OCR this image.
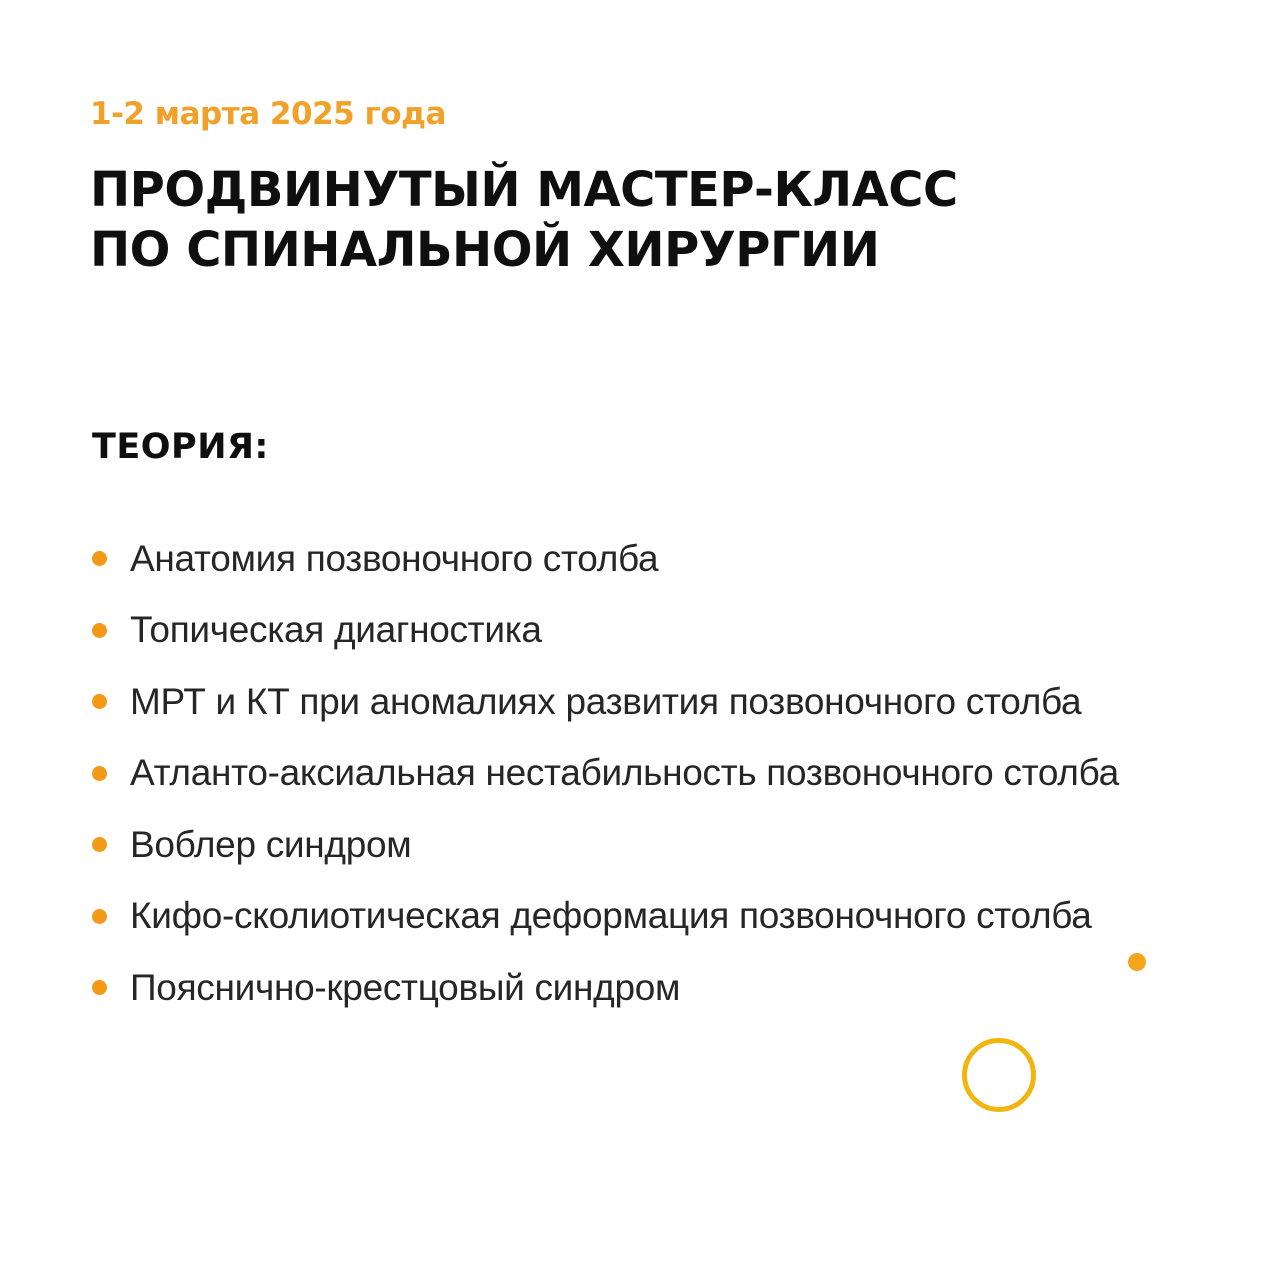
1-2 марта 2025 года
ПРОДВИНУТЫЙ МАСТЕР-КЛАСС
ПО СПИНАЛЬНОЙ ХИРУРГИИ
ТЕОРИЯ:
Анатомия позвоночного столба
Топическая диагностика
МРТ и КТ при аномалиях развития позвоночного столба
Атланто-аксиальная нестабильность позвоночного столба
Воблер синдром
Кифо-сколиотическая деформация позвоночного столба
Пояснично-крестцовый синдром
